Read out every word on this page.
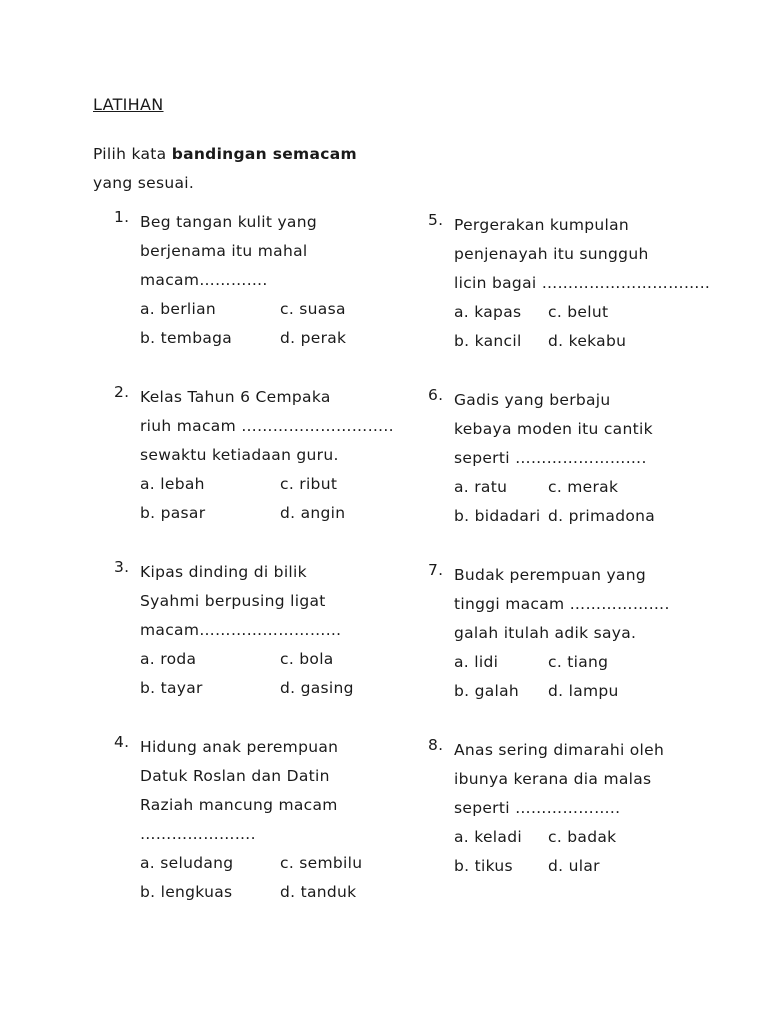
LATIHAN
Pilih kata bandingan semacam
yang sesuai.
1. Beg tangan kulit yang
berjenama itu mahal
macam………….
a. berlian	c. suasa
b. tembaga	d. perak
2. Kelas Tahun 6 Cempaka
riuh macam ………………………..
sewaktu ketiadaan guru.
a. lebah	c. ribut
b. pasar	d. angin
3. Kipas dinding di bilik
Syahmi berpusing ligat
macam………………………
a. roda	c. bola
b. tayar	d. gasing
4. Hidung anak perempuan
Datuk Roslan dan Datin
Raziah mancung macam
………………….
a. seludang	c. sembilu
b. lengkuas	d. tanduk
5. Pergerakan kumpulan
penjenayah itu sungguh
licin bagai …………………………..
a. kapas c. belut
b. kancil d. kekabu
6. Gadis yang berbaju
kebaya moden itu cantik
seperti …………………….
a. ratu	c. merak
b. bidadari d. primadona
7. Budak perempuan yang
tinggi macam ……………….
galah itulah adik saya.
a. lidi	c. tiang
b. galah d. lampu
8. Anas sering dimarahi oleh
ibunya kerana dia malas
seperti ………………..
a. keladi c. badak
b. tikus d. ular
